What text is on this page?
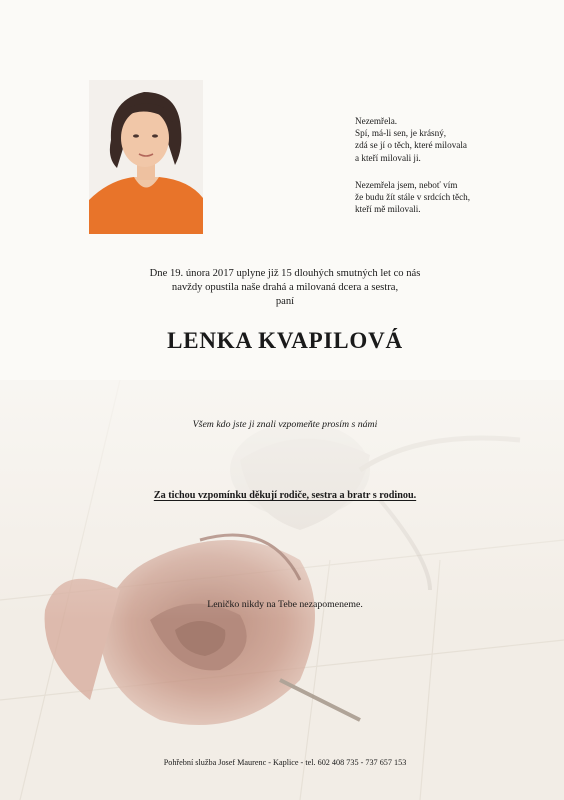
Nezemřela.
Spí, má-li sen, je krásný,
zdá se jí o těch, které milovala
a kteří milovali ji.
Nezemřela jsem, neboť vím
že budu žít stále v srdcích těch,
kteří mě milovali.
Dne 19. února 2017 uplyne již 15 dlouhých smutných let co nás
navždy opustila naše drahá a milovaná dcera a sestra,
paní
LENKA KVAPILOVÁ
Všem kdo jste ji znali vzpomeňte prosím s námi
Za tichou vzpomínku děkují rodiče, sestra a bratr s rodinou.
Leničko nikdy na Tebe nezapomeneme.
Pohřební služba Josef Maurenc - Kaplice - tel. 602 408 735 - 737 657 153
